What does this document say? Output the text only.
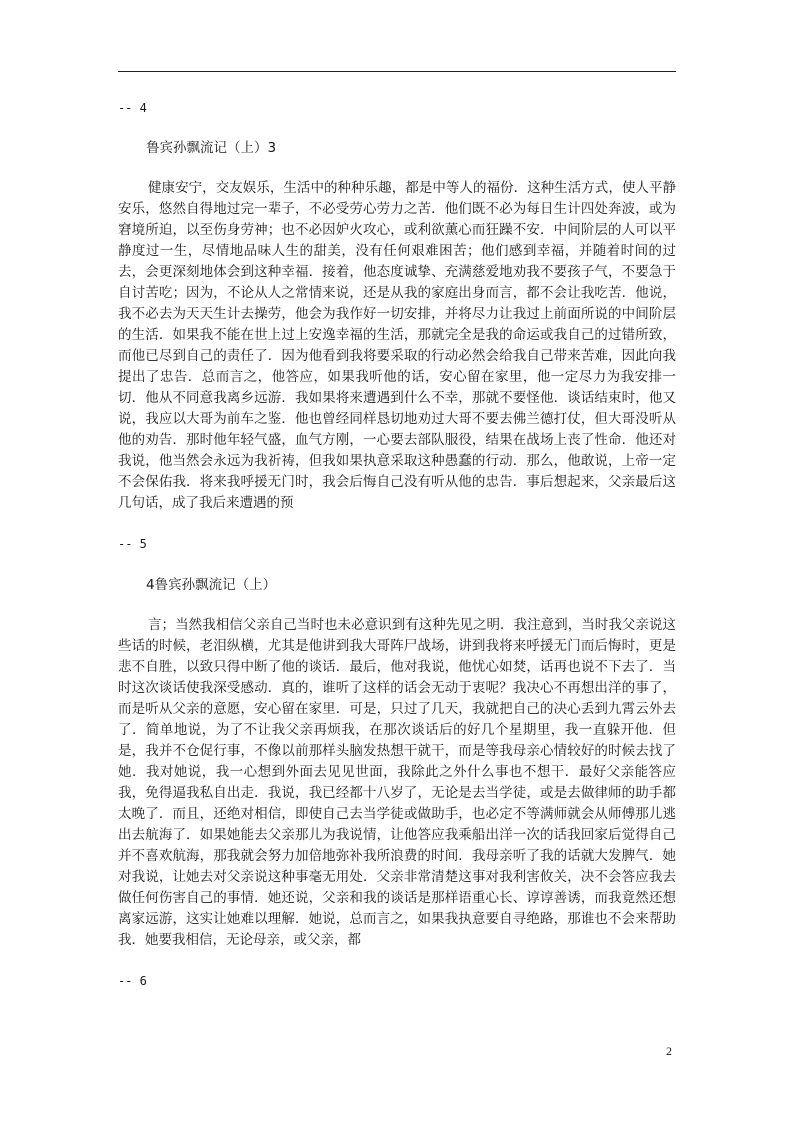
-- 4
鲁宾孙飘流记（上）3
健康安宁，交友娱乐，生活中的种种乐趣，都是中等人的福份．这种生活方式，使人平静安乐，悠然自得地过完一辈子，不必受劳心劳力之苦．他们既不必为每日生计四处奔波，或为窘境所迫，以至伤身劳神；也不必因妒火攻心，或利欲薰心而狂躁不安．中间阶层的人可以平静度过一生，尽情地品味人生的甜美，没有任何艰难困苦；他们感到幸福，并随着时间的过去，会更深刻地体会到这种幸福．接着，他态度诚挚、充满慈爱地劝我不要孩子气，不要急于自讨苦吃；因为，不论从人之常情来说，还是从我的家庭出身而言，都不会让我吃苦．他说，我不必去为天天生计去操劳，他会为我作好一切安排，并将尽力让我过上前面所说的中间阶层的生活．如果我不能在世上过上安逸幸福的生活，那就完全是我的命运或我自己的过错所致，而他已尽到自己的责任了．因为他看到我将要采取的行动必然会给我自己带来苦难，因此向我提出了忠告．总而言之，他答应，如果我听他的话，安心留在家里，他一定尽力为我安排一切．他从不同意我离乡远游．我如果将来遭遇到什么不幸，那就不要怪他．谈话结束时，他又说，我应以大哥为前车之鉴．他也曾经同样恳切地劝过大哥不要去佛兰德打仗，但大哥没听从他的劝告．那时他年轻气盛，血气方刚，一心要去部队服役，结果在战场上丧了性命．他还对我说，他当然会永远为我祈祷，但我如果执意采取这种愚蠢的行动．那么，他敢说，上帝一定不会保佑我．将来我呼援无门时，我会后悔自己没有听从他的忠告．事后想起来，父亲最后这几句话，成了我后来遭遇的预
-- 5
4鲁宾孙飘流记（上）
言；当然我相信父亲自己当时也未必意识到有这种先见之明．我注意到，当时我父亲说这些话的时候，老泪纵横，尤其是他讲到我大哥阵尸战场，讲到我将来呼援无门而后悔时，更是悲不自胜，以致只得中断了他的谈话．最后，他对我说，他忧心如焚，话再也说不下去了．当时这次谈话使我深受感动．真的，谁听了这样的话会无动于衷呢？我决心不再想出洋的事了，而是听从父亲的意愿，安心留在家里．可是，只过了几天，我就把自己的决心丢到九霄云外去了．简单地说，为了不让我父亲再烦我，在那次谈话后的好几个星期里，我一直躲开他．但是，我并不仓促行事，不像以前那样头脑发热想干就干，而是等我母亲心情较好的时候去找了她．我对她说，我一心想到外面去见见世面，我除此之外什么事也不想干．最好父亲能答应我，免得逼我私自出走．我说，我已经都十八岁了，无论是去当学徒，或是去做律师的助手都太晚了．而且，还绝对相信，即使自己去当学徒或做助手，也必定不等满师就会从师傅那儿逃出去航海了．如果她能去父亲那儿为我说情，让他答应我乘船出洋一次的话我回家后觉得自己并不喜欢航海，那我就会努力加倍地弥补我所浪费的时间．我母亲听了我的话就大发脾气．她对我说，让她去对父亲说这种事毫无用处．父亲非常清楚这事对我利害攸关，决不会答应我去做任何伤害自己的事情．她还说，父亲和我的谈话是那样语重心长、谆谆善诱，而我竟然还想离家远游，这实让她难以理解．她说，总而言之，如果我执意要自寻绝路，那谁也不会来帮助我．她要我相信，无论母亲，或父亲，都
-- 6
2
